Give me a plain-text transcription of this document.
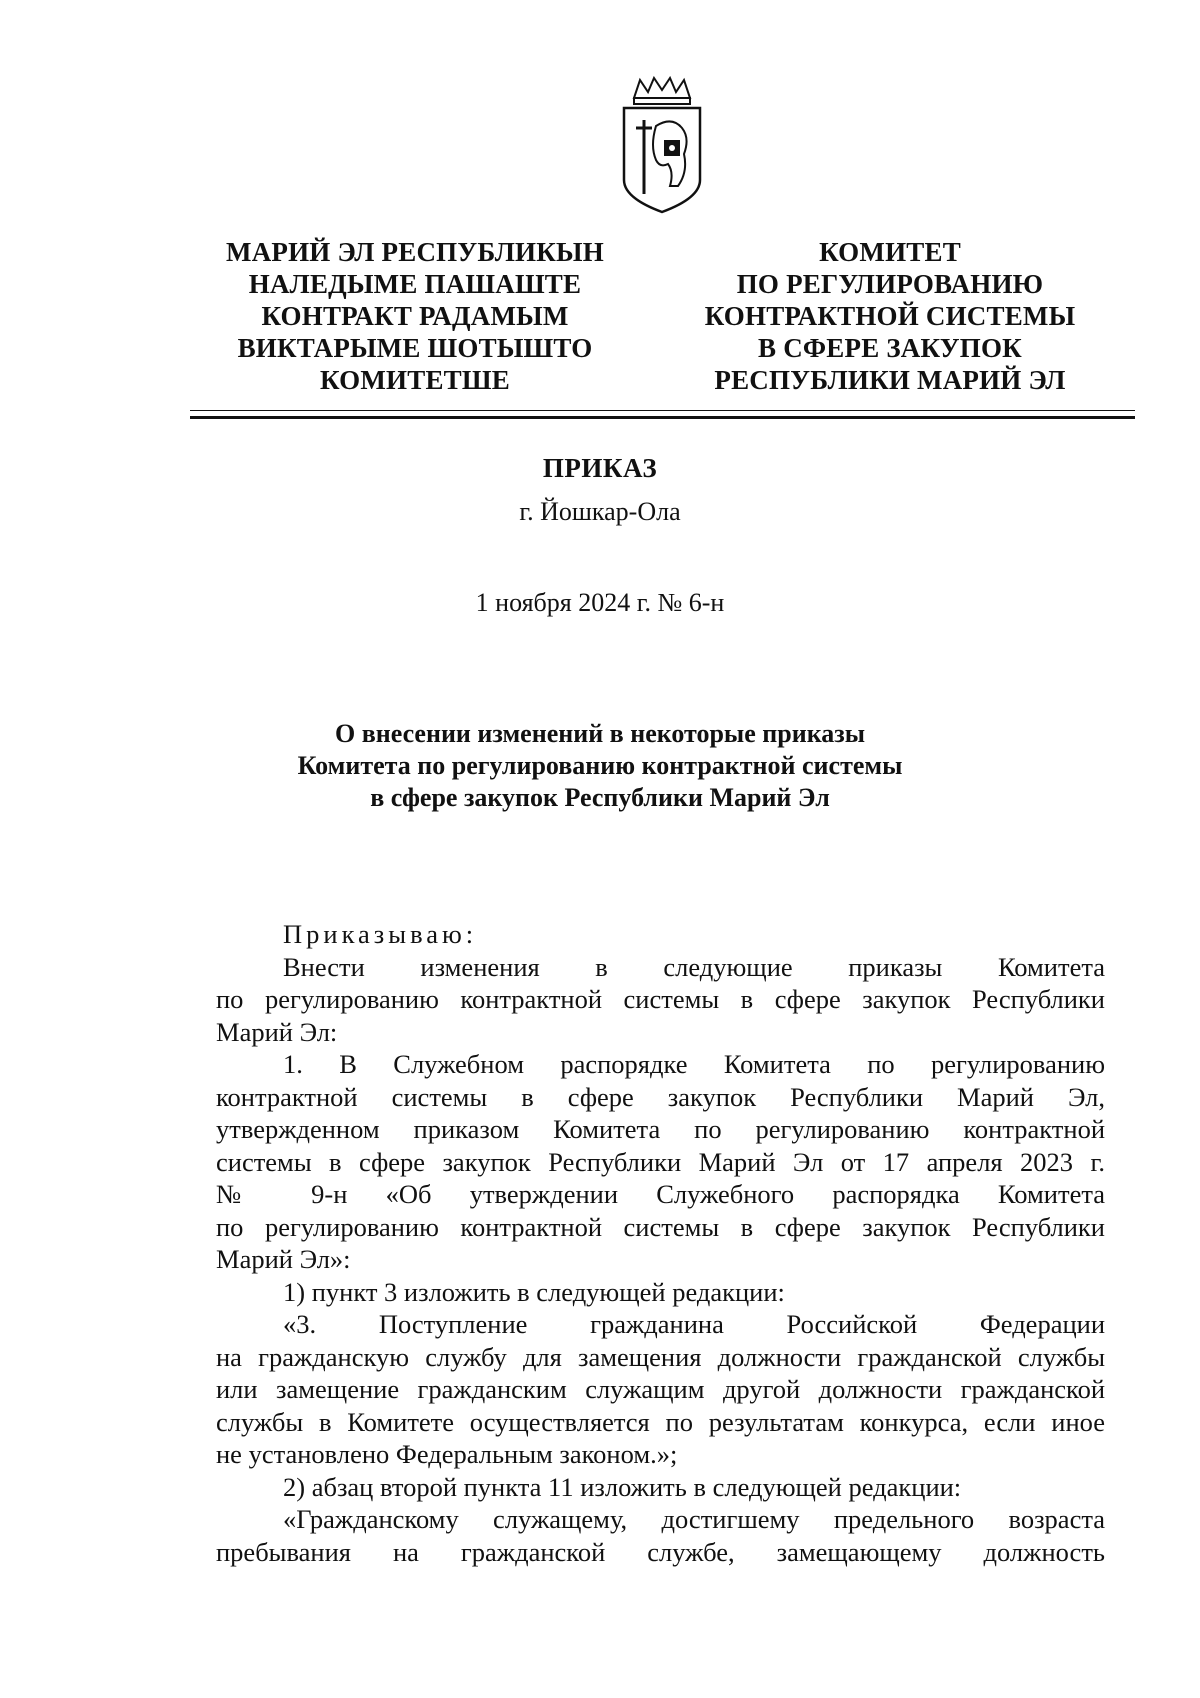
МАРИЙ ЭЛ РЕСПУБЛИКЫН
НАЛЕДЫМЕ ПАШАШТЕ
КОНТРАКТ РАДАМЫМ
ВИКТАРЫМЕ ШОТЫШТО
КОМИТЕТШЕ
КОМИТЕТ
ПО РЕГУЛИРОВАНИЮ
КОНТРАКТНОЙ СИСТЕМЫ
В СФЕРЕ ЗАКУПОК
РЕСПУБЛИКИ МАРИЙ ЭЛ
ПРИКАЗ
г. Йошкар-Ола
1 ноября 2024 г. № 6-н
О внесении изменений в некоторые приказы
Комитета по регулированию контрактной системы
в сфере закупок Республики Марий Эл
Приказываю:
Внести изменения в следующие приказы Комитета
по регулированию контрактной системы в сфере закупок Республики
Марий Эл:
1. В Служебном распорядке Комитета по регулированию
контрактной системы в сфере закупок Республики Марий Эл,
утвержденном приказом Комитета по регулированию контрактной
системы в сфере закупок Республики Марий Эл от 17 апреля 2023 г.
№ 9-н «Об утверждении Служебного распорядка Комитета
по регулированию контрактной системы в сфере закупок Республики
Марий Эл»:
1) пункт 3 изложить в следующей редакции:
«3. Поступление гражданина Российской Федерации
на гражданскую службу для замещения должности гражданской службы
или замещение гражданским служащим другой должности гражданской
службы в Комитете осуществляется по результатам конкурса, если иное
не установлено Федеральным законом.»;
2) абзац второй пункта 11 изложить в следующей редакции:
«Гражданскому служащему, достигшему предельного возраста
пребывания на гражданской службе, замещающему должность
